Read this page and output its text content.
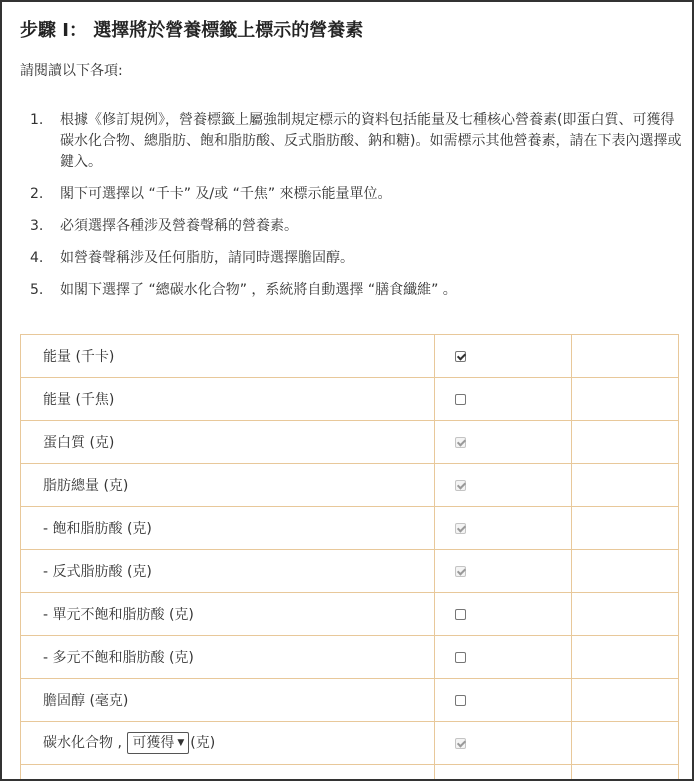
步驟 I： 選擇將於營養標籤上標示的營養素
請閱讀以下各項:
1.	根據《修訂規例》，營養標籤上屬強制規定標示的資料包括能量及七種核心營養素(即蛋白質、可獲得碳水化合物、總脂肪、飽和脂肪酸、反式脂肪酸、鈉和糖)。如需標示其他營養素，請在下表內選擇或鍵入。
2.	閣下可選擇以 “千卡” 及/或 “千焦” 來標示能量單位。
3.	必須選擇各種涉及營養聲稱的營養素。
4.	如營養聲稱涉及任何脂肪，請同時選擇膽固醇。
5.	如閣下選擇了 “總碳水化合物” ，系統將自動選擇 “膳食纖維” 。
能量 (千卡)		
能量 (千焦)		
蛋白質 (克)		
脂肪總量 (克)		
- 飽和脂肪酸 (克)		
- 反式脂肪酸 (克)		
- 單元不飽和脂肪酸 (克)		
- 多元不飽和脂肪酸 (克)		
膽固醇 (毫克)		
碳水化合物 , 可獲得 ▼ (克)		
